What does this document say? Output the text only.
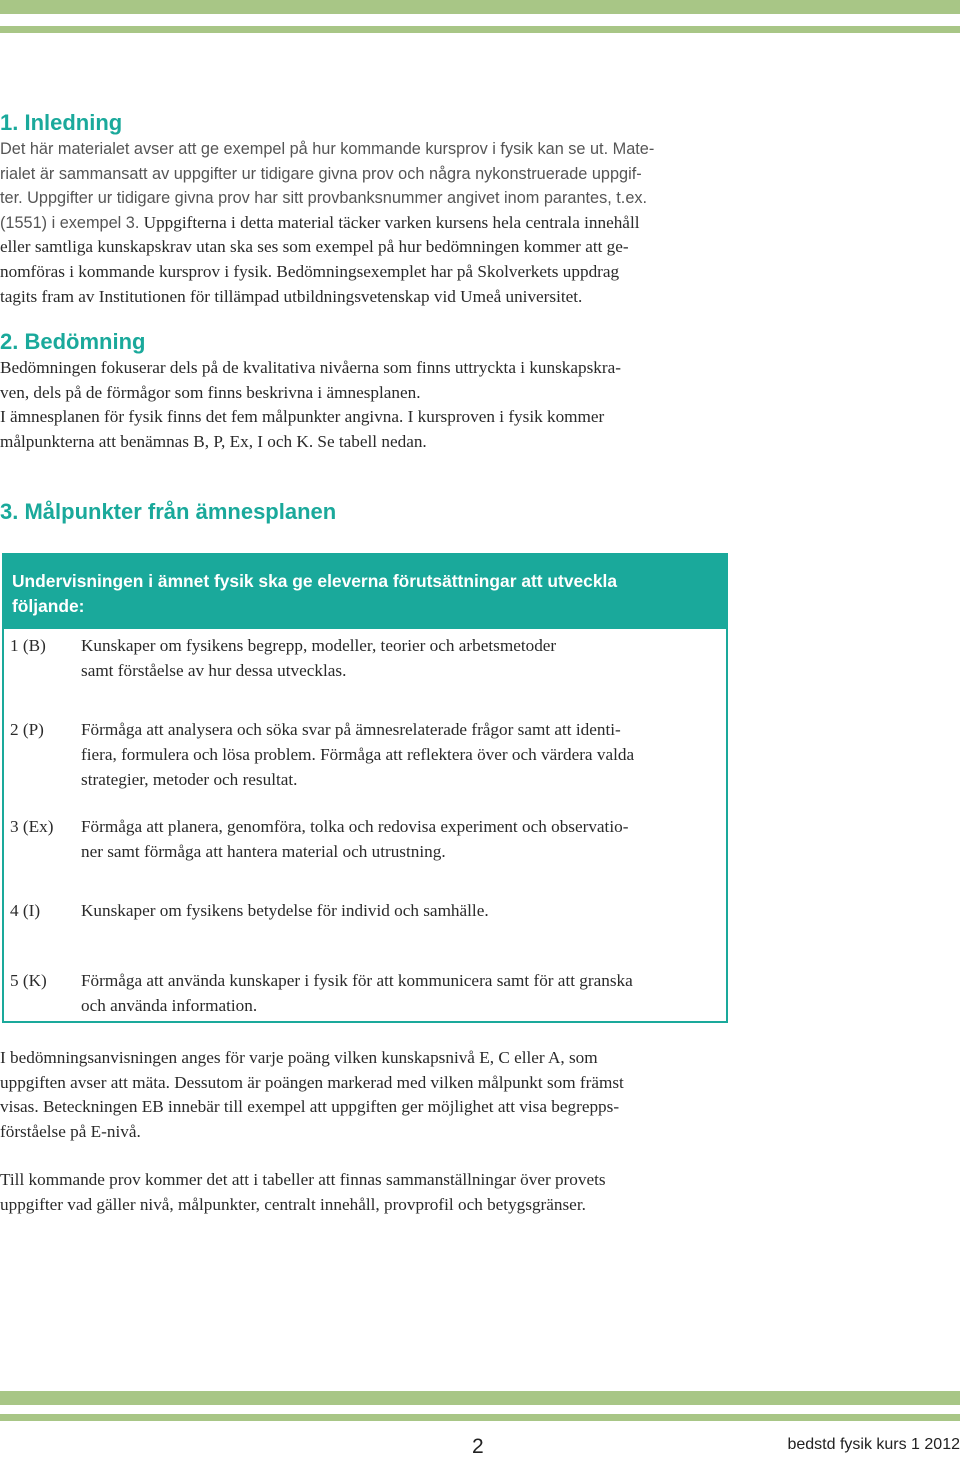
1. Inledning

Det här materialet avser att ge exempel på hur kommande kursprov i fysik kan se ut. Mate-
rialet är sammansatt av uppgifter ur tidigare givna prov och några nykonstruerade uppgif-
ter. Uppgifter ur tidigare givna prov har sitt provbanksnummer angivet inom parantes, t.ex.
(1551) i exempel 3. Uppgifterna i detta material täcker varken kursens hela centrala innehåll
eller samtliga kunskapskrav utan ska ses som exempel på hur bedömningen kommer att ge-
nomföras i kommande kursprov i fysik. Bedömningsexemplet har på Skolverkets uppdrag
tagits fram av Institutionen för tillämpad utbildningsvetenskap vid Umeå universitet.

2. Bedömning

Bedömningen fokuserar dels på de kvalitativa nivåerna som finns uttryckta i kunskapskra-
ven, dels på de förmågor som finns beskrivna i ämnesplanen.
I ämnesplanen för fysik finns det fem målpunkter angivna. I kursproven i fysik kommer
målpunkterna att benämnas B, P, Ex, I och K. Se tabell nedan.

3. Målpunkter från ämnesplanen
Undervisningen i ämnet fysik ska ge eleverna förutsättningar att utveckla
följande:
1 (B) Kunskaper om fysikens begrepp, modeller, teorier och arbetsmetoder
samt förståelse av hur dessa utvecklas.
2 (P) Förmåga att analysera och söka svar på ämnesrelaterade frågor samt att identi-
fiera, formulera och lösa problem. Förmåga att reflektera över och värdera valda
strategier, metoder och resultat.
3 (Ex) Förmåga att planera, genomföra, tolka och redovisa experiment och observatio-
ner samt förmåga att hantera material och utrustning.
4 (I) Kunskaper om fysikens betydelse för individ och samhälle.
5 (K) Förmåga att använda kunskaper i fysik för att kommunicera samt för att granska
och använda information.

I bedömningsanvisningen anges för varje poäng vilken kunskapsnivå E, C eller A, som
uppgiften avser att mäta. Dessutom är poängen markerad med vilken målpunkt som främst
visas. Beteckningen EB innebär till exempel att uppgiften ger möjlighet att visa begrepps-
förståelse på E-nivå.

Till kommande prov kommer det att i tabeller att finnas sammanställningar över provets
uppgifter vad gäller nivå, målpunkter, centralt innehåll, provprofil och betygsgränser.

2	bedstd fysik kurs 1 2012
